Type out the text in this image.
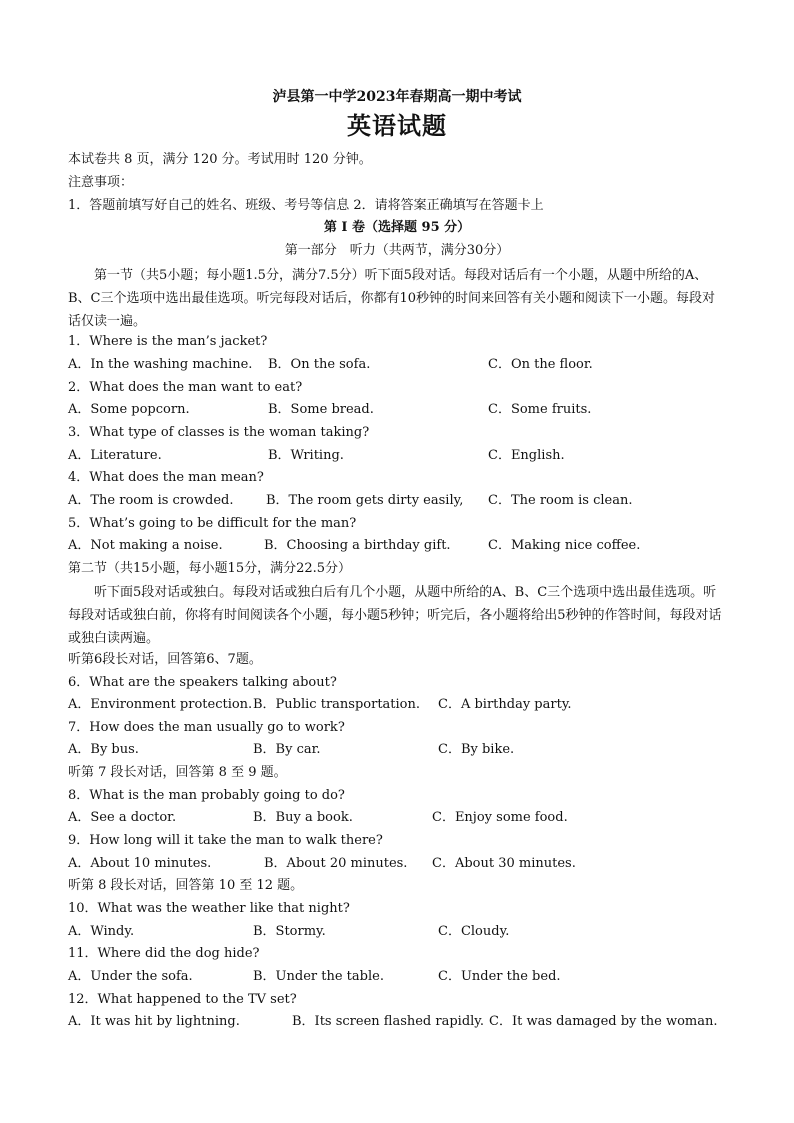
泸县第一中学2023年春期高一期中考试
英语试题
本试卷共 8 页，满分 120 分。考试用时 120 分钟。
注意事项：
1．答题前填写好自己的姓名、班级、考号等信息 2．请将答案正确填写在答题卡上
第 I 卷（选择题 95 分）
第一部分　听力（共两节，满分30分）
第一节（共5小题；每小题1.5分，满分7.5分）听下面5段对话。每段对话后有一个小题，从题中所给的A、B、C三个选项中选出最佳选项。听完每段对话后，你都有10秒钟的时间来回答有关小题和阅读下一小题。每段对话仅读一遍。
1．Where is the man’s jacket?
A．In the washing machine. B．On the sofa.	C．On the floor.
2．What does the man want to eat?
A．Some popcorn.	B．Some bread.	C．Some fruits.
3．What type of classes is the woman taking?
A．Literature.	B．Writing.	C．English.
4．What does the man mean?
A．The room is crowded.	B．The room gets dirty easily, C．The room is clean.
5．What’s going to be difficult for the man?
A．Not making a noise.	B．Choosing a birthday gift.	C．Making nice coffee.
第二节（共15小题，每小题15分，满分22.5分）
听下面5段对话或独白。每段对话或独白后有几个小题，从题中所给的A、B、C三个选项中选出最佳选项。听每段对话或独白前，你将有时间阅读各个小题，每小题5秒钟；听完后，各小题将给出5秒钟的作答时间，每段对话或独白读两遍。
听第6段长对话，回答第6、7题。
6．What are the speakers talking about?
A．Environment protection. B．Public transportation. C．A birthday party.
7．How does the man usually go to work?
A．By bus.	B．By car.	C．By bike.
听第 7 段长对话，回答第 8 至 9 题。
8．What is the man probably going to do?
A．See a doctor.	B．Buy a book.	C．Enjoy some food.
9．How long will it take the man to walk there?
A．About 10 minutes.	B．About 20 minutes. C．About 30 minutes.
听第 8 段长对话，回答第 10 至 12 题。
10．What was the weather like that night?
A．Windy.	B．Stormy.	C．Cloudy.
11．Where did the dog hide?
A．Under the sofa.	B．Under the table.	C．Under the bed.
12．What happened to the TV set?
A．It was hit by lightning.	B．Its screen flashed rapidly. C．It was damaged by the woman.
